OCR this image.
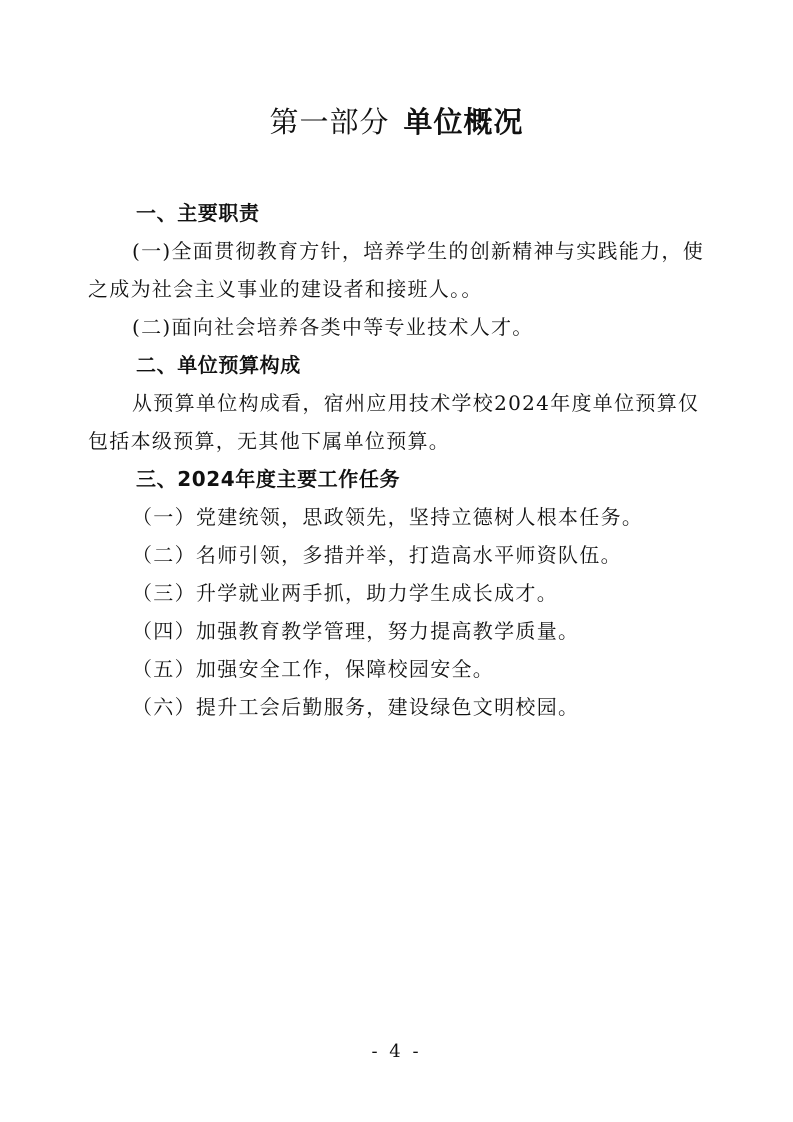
第一部分 单位概况

一、主要职责

(一)全面贯彻教育方针，培养学生的创新精神与实践能力，使之成为社会主义事业的建设者和接班人。。

(二)面向社会培养各类中等专业技术人才。

二、单位预算构成

从预算单位构成看，宿州应用技术学校2024年度单位预算仅包括本级预算，无其他下属单位预算。

三、2024年度主要工作任务

（一）党建统领，思政领先，坚持立德树人根本任务。

（二）名师引领，多措并举，打造高水平师资队伍。

（三）升学就业两手抓，助力学生成长成才。

（四）加强教育教学管理，努力提高教学质量。

（五）加强安全工作，保障校园安全。

（六）提升工会后勤服务，建设绿色文明校园。

- 4 -
